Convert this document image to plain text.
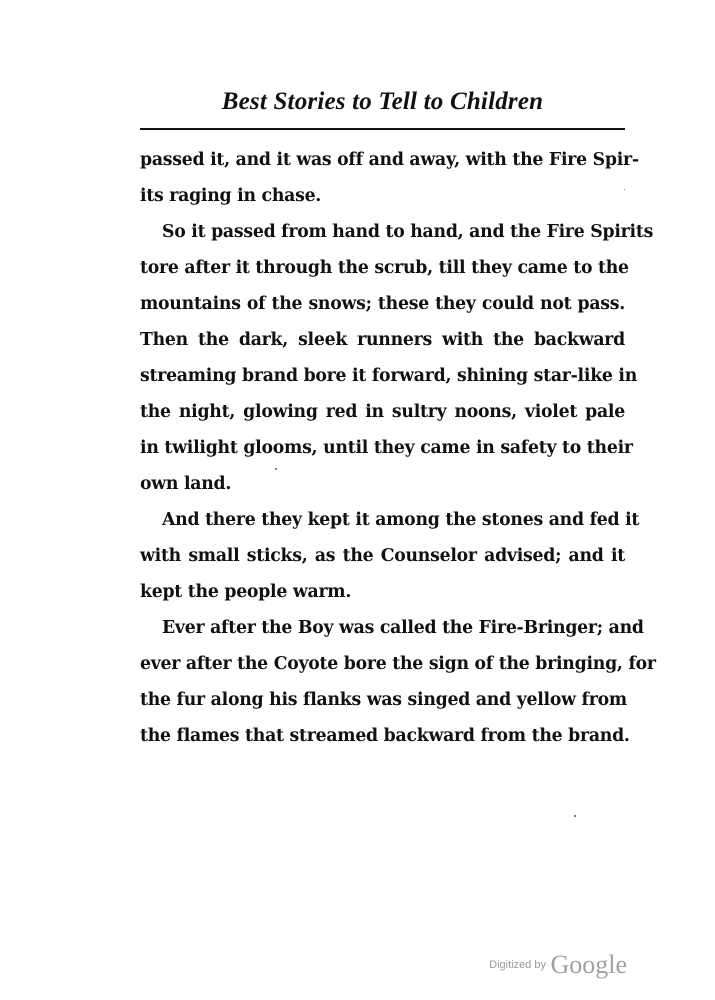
Best Stories to Tell to Children
passed it, and it was off and away, with the Fire Spir-
its raging in chase.
So it passed from hand to hand, and the Fire Spirits
tore after it through the scrub, till they came to the
mountains of the snows; these they could not pass.
Then the dark, sleek runners with the backward
streaming brand bore it forward, shining star-like in
the night, glowing red in sultry noons, violet pale
in twilight glooms, until they came in safety to their
own land.
And there they kept it among the stones and fed it
with small sticks, as the Counselor advised; and it
kept the people warm.
Ever after the Boy was called the Fire-Bringer; and
ever after the Coyote bore the sign of the bringing, for
the fur along his flanks was singed and yellow from
the flames that streamed backward from the brand.
Digitized by Google
